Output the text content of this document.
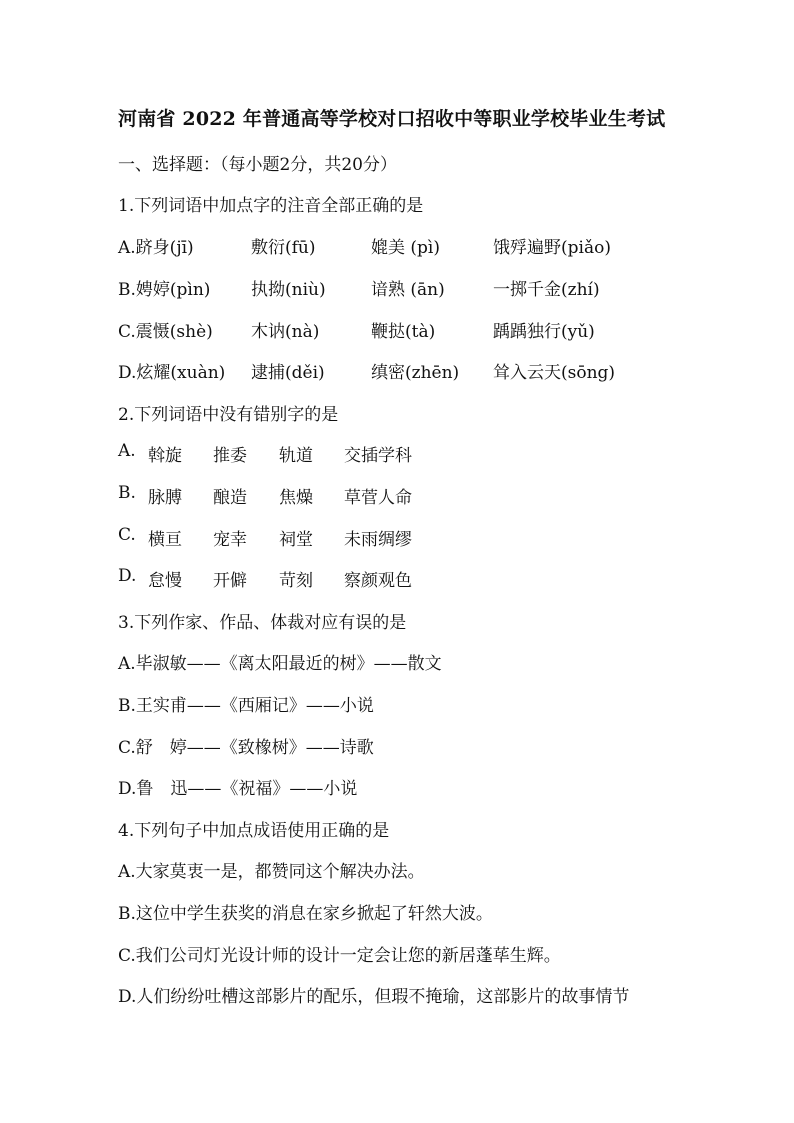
河南省 2022 年普通高等学校对口招收中等职业学校毕业生考试
一、选择题：（每小题2分，共20分）
1.下列词语中加点字的注音全部正确的是
A.跻身(jī)	敷衍(fū)	媲美 (pì)	饿殍遍野(piǎo)
B.娉婷(pìn) 执拗(niù)	谙熟 (ān)	一掷千金(zhí)
C.震慑(shè) 木讷(nà)	鞭挞(tà)	踽踽独行(yǔ)
D.炫耀(xuàn) 逮捕(děi)	缜密(zhēn) 耸入云天(sōng)
2.下列词语中没有错别字的是
A. 斡旋 推委 轨道 交插学科
B. 脉膊 酿造 焦燥 草菅人命
C. 横亘 宠幸 祠堂 未雨绸缪
D. 怠慢 开僻 苛刻 察颜观色
3.下列作家、作品、体裁对应有误的是
A.毕淑敏——《离太阳最近的树》——散文
B.王实甫——《西厢记》——小说
C.舒　婷——《致橡树》——诗歌
D.鲁　迅——《祝福》——小说
4.下列句子中加点成语使用正确的是
A.大家莫衷一是，都赞同这个解决办法。
B.这位中学生获奖的消息在家乡掀起了轩然大波。
C.我们公司灯光设计师的设计一定会让您的新居蓬荜生辉。
D.人们纷纷吐槽这部影片的配乐，但瑕不掩瑜，这部影片的故事情节
